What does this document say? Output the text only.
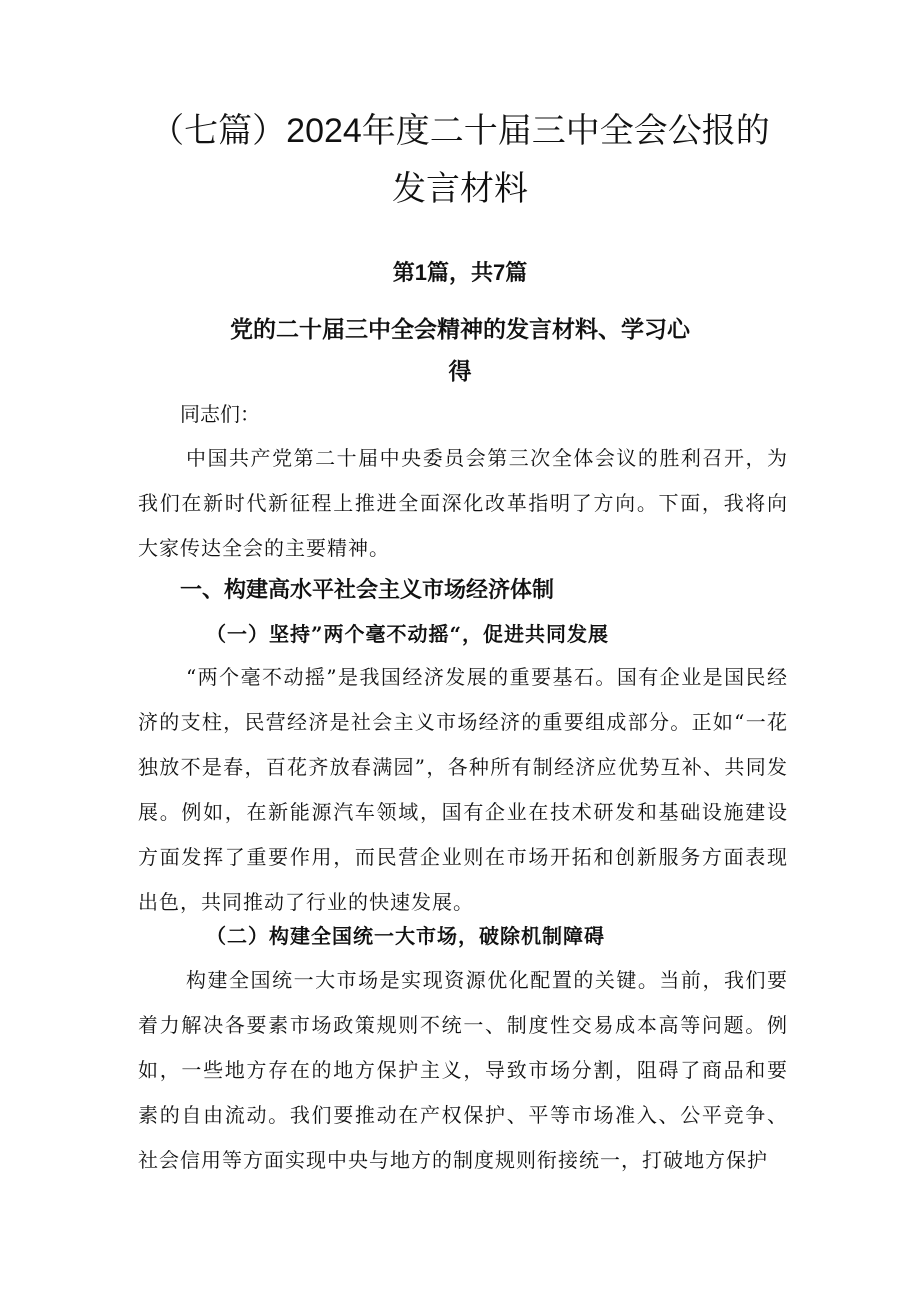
（七篇）2024年度二十届三中全会公报的
发言材料

第1篇，共7篇

党的二十届三中全会精神的发言材料、学习心
得

同志们：

中国共产党第二十届中央委员会第三次全体会议的胜利召开，为我们在新时代新征程上推进全面深化改革指明了方向。下面，我将向大家传达全会的主要精神。

一、构建高水平社会主义市场经济体制
（一）坚持”两个毫不动摇“，促进共同发展

“两个毫不动摇”是我国经济发展的重要基石。国有企业是国民经济的支柱，民营经济是社会主义市场经济的重要组成部分。正如“一花独放不是春，百花齐放春满园”，各种所有制经济应优势互补、共同发展。例如，在新能源汽车领域，国有企业在技术研发和基础设施建设方面发挥了重要作用，而民营企业则在市场开拓和创新服务方面表现出色，共同推动了行业的快速发展。

（二）构建全国统一大市场，破除机制障碍

构建全国统一大市场是实现资源优化配置的关键。当前，我们要着力解决各要素市场政策规则不统一、制度性交易成本高等问题。例如，一些地方存在的地方保护主义，导致市场分割，阻碍了商品和要素的自由流动。我们要推动在产权保护、平等市场准入、公平竞争、社会信用等方面实现中央与地方的制度规则衔接统一，打破地方保护
